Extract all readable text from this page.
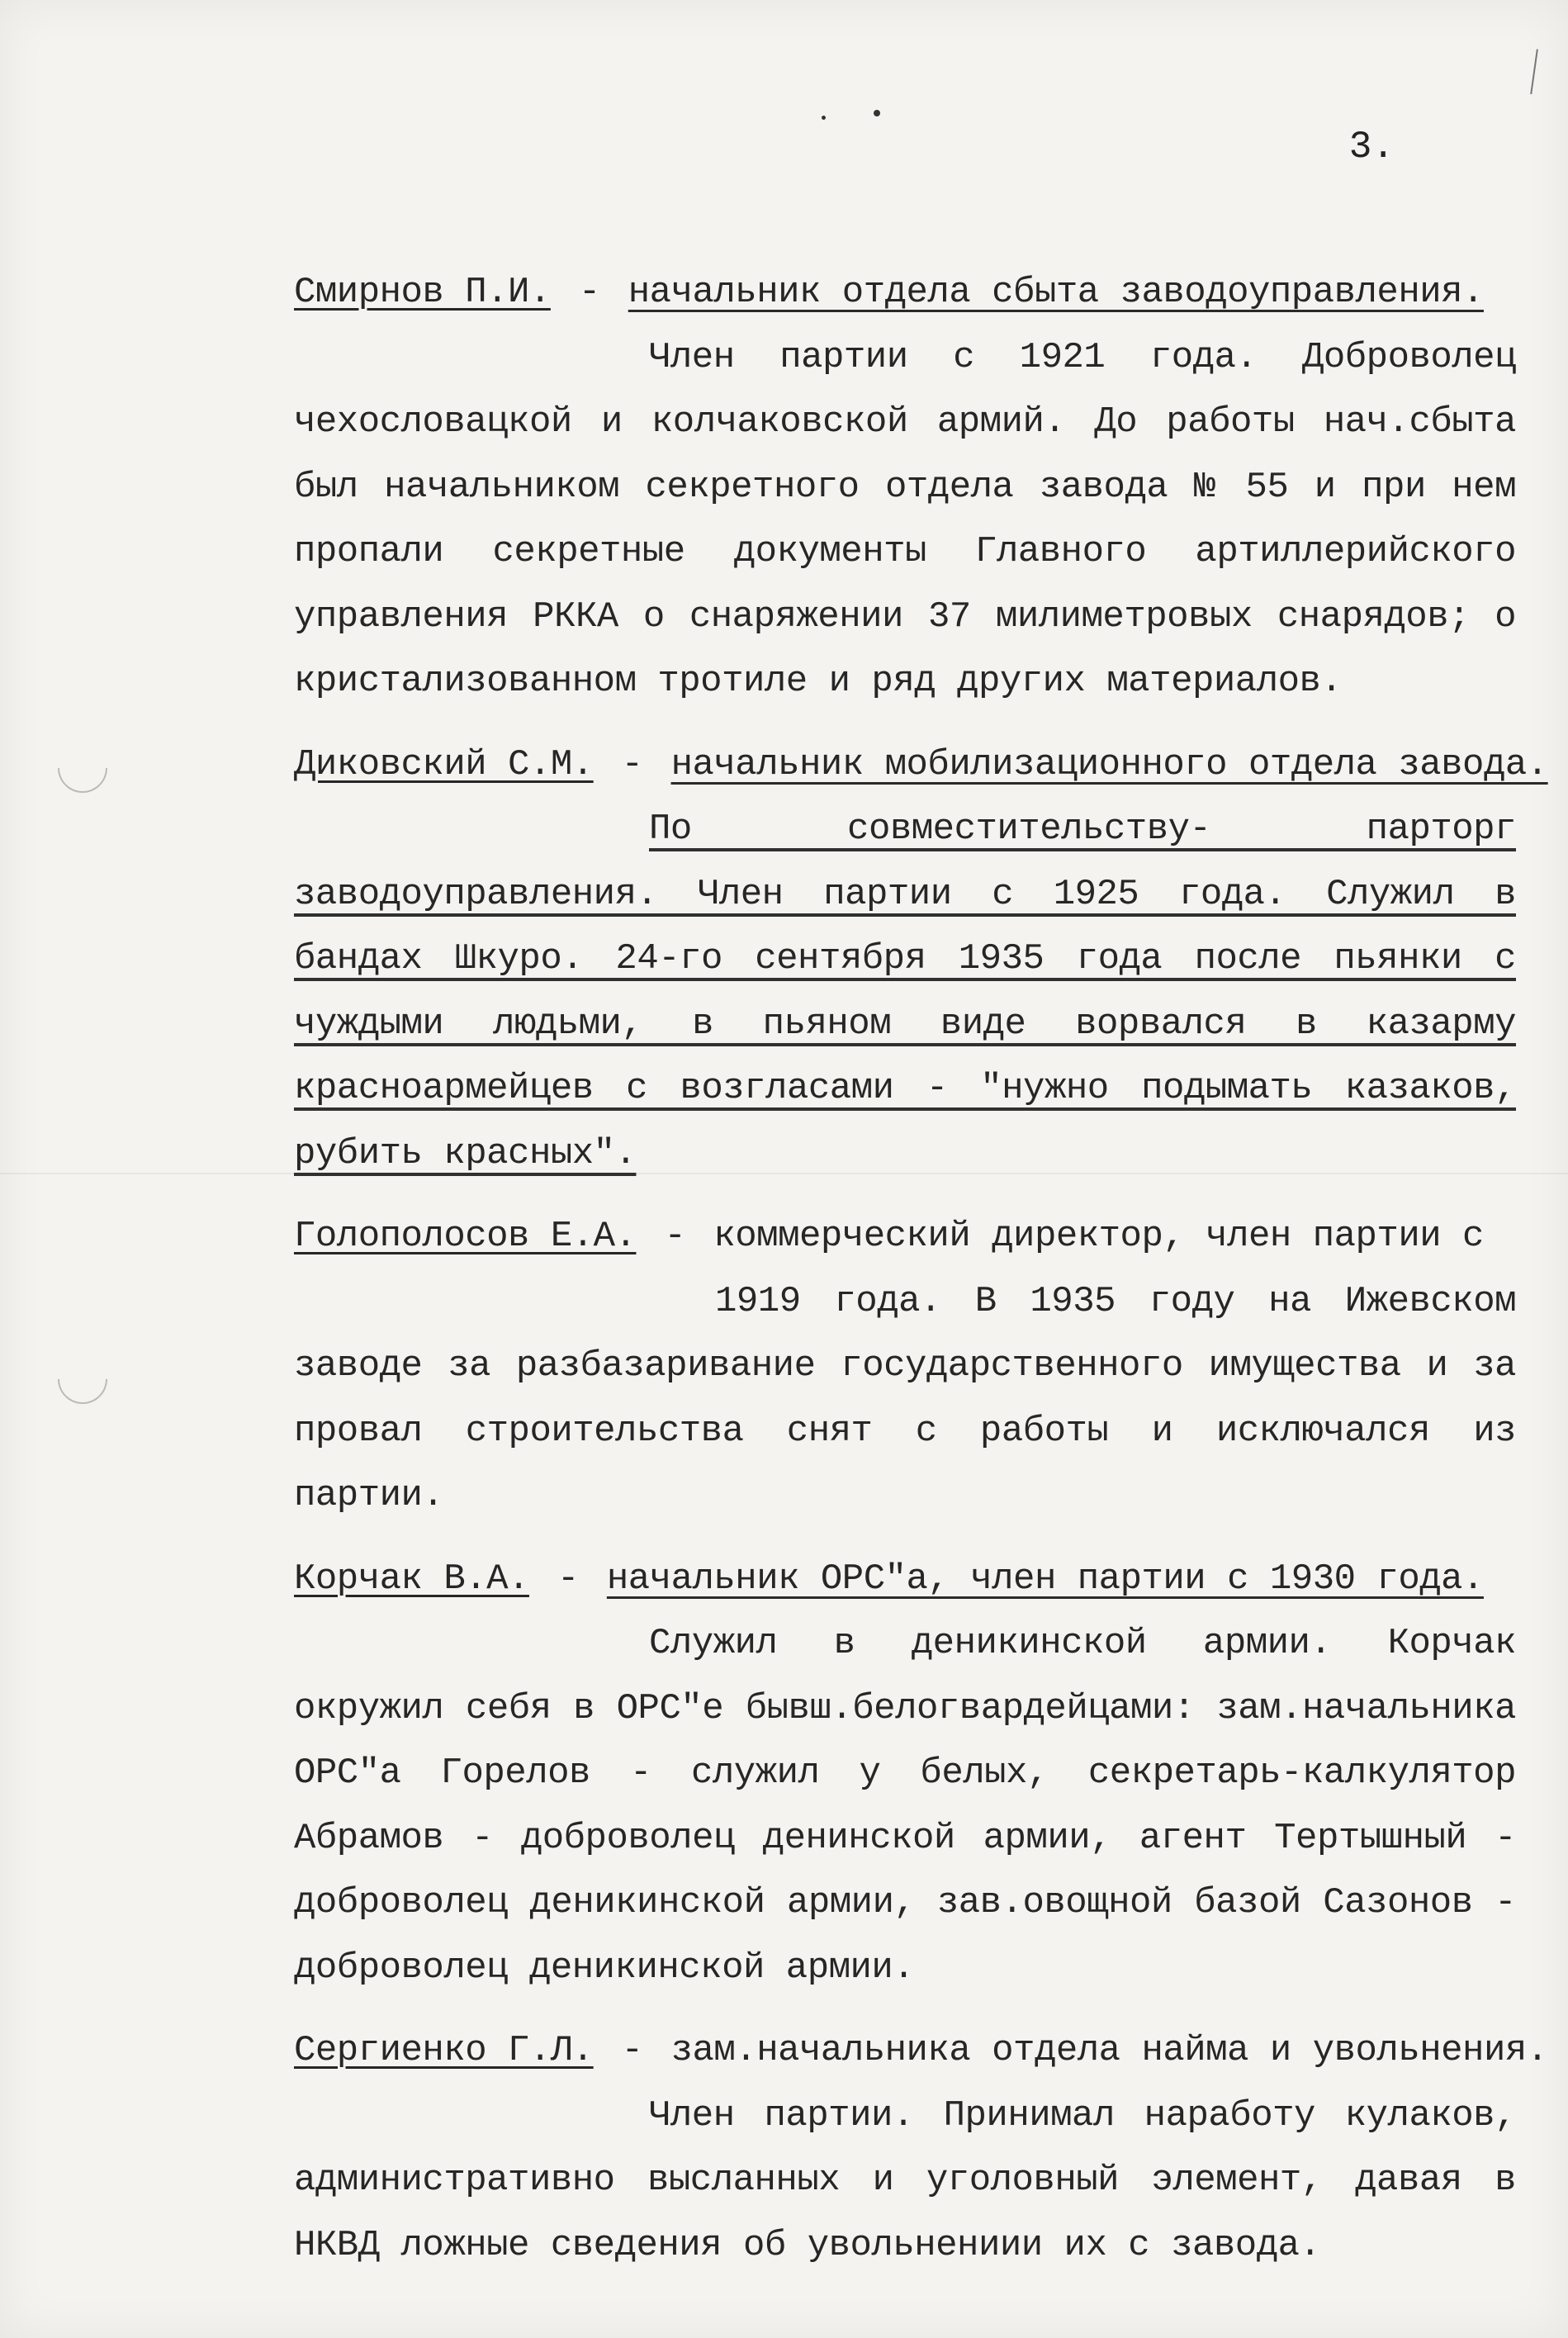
3.
Смирнов П.И. - начальник отдела сбыта заводоуправления.
Член партии с 1921 года. Доброволец чехословацкой и колчаковской армий. До работы нач.сбыта был начальником секретного отдела завода № 55 и при нем пропали секретные документы Главного артиллерийского управления РККА о снаряжении 37 милиметровых снарядов; о кристализованном тротиле и ряд других материалов.
Диковский С.М. - начальник мобилизационного отдела завода.
По совместительству- парторг заводоуправления. Член партии с 1925 года. Служил в бандах Шкуро. 24-го сентября 1935 года после пьянки с чуждыми людьми, в пьяном виде ворвался в казарму красноармейцев с возгласами - "нужно подымать казаков, рубить красных".
Голополосов Е.А. - коммерческий директор, член партии с
1919 года. В 1935 году на Ижевском заводе за разбазаривание государственного имущества и за провал строительства снят с работы и исключался из партии.
Корчак В.А. - начальник ОРС"а, член партии с 1930 года.
Служил в деникинской армии. Корчак окружил себя в ОРС"е бывш.белогвардейцами: зам.начальника ОРС"а Горелов - служил у белых, секретарь-калкулятор Абрамов - доброволец денинской армии, агент Тертышный - доброволец деникинской армии, зав.овощной базой Сазонов - доброволец деникинской армии.
Сергиенко Г.Л. - зам.начальника отдела найма и увольнения.
Член партии. Принимал наработу кулаков, административно высланных и уголовный элемент, давая в НКВД ложные сведения об увольнениии их с завода.
